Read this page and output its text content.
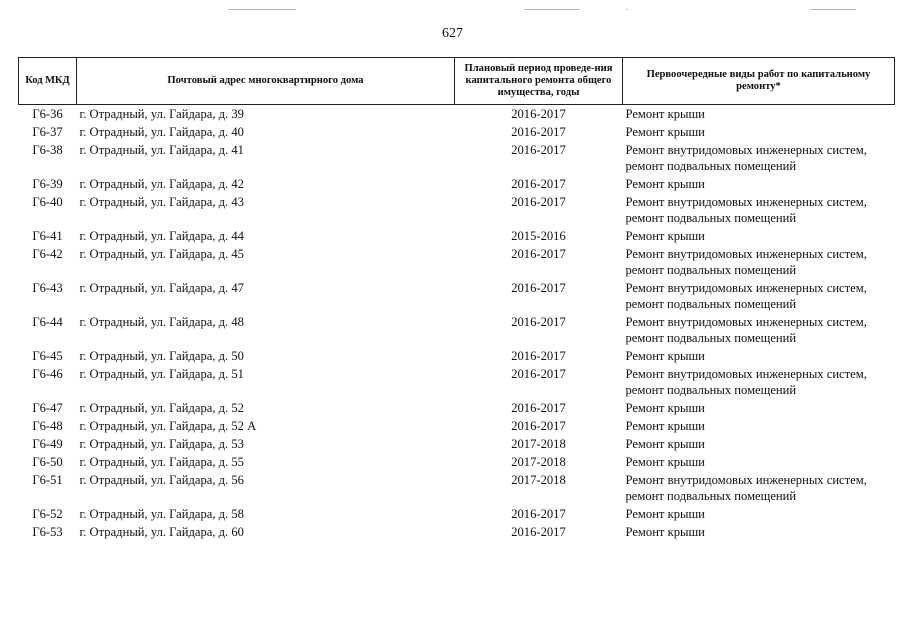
627
Код МКД	Почтовый адрес многоквартирного дома	Плановый период проведе-ния капитального ремонта общего имущества, годы	Первоочередные виды работ по капитальному ремонту*
Г6-36	г. Отрадный, ул. Гайдара, д. 39	2016-2017	Ремонт крыши

Г6-37	г. Отрадный, ул. Гайдара, д. 40	2016-2017	Ремонт крыши

Г6-38	г. Отрадный, ул. Гайдара, д. 41	2016-2017	Ремонт внутридомовых инженерных систем,
ремонт подвальных помещений

Г6-39	г. Отрадный, ул. Гайдара, д. 42	2016-2017	Ремонт крыши

Г6-40	г. Отрадный, ул. Гайдара, д. 43	2016-2017	Ремонт внутридомовых инженерных систем,
ремонт подвальных помещений

Г6-41	г. Отрадный, ул. Гайдара, д. 44	2015-2016	Ремонт крыши

Г6-42	г. Отрадный, ул. Гайдара, д. 45	2016-2017	Ремонт внутридомовых инженерных систем,
ремонт подвальных помещений

Г6-43	г. Отрадный, ул. Гайдара, д. 47	2016-2017	Ремонт внутридомовых инженерных систем,
ремонт подвальных помещений

Г6-44	г. Отрадный, ул. Гайдара, д. 48	2016-2017	Ремонт внутридомовых инженерных систем,
ремонт подвальных помещений

Г6-45	г. Отрадный, ул. Гайдара, д. 50	2016-2017	Ремонт крыши

Г6-46	г. Отрадный, ул. Гайдара, д. 51	2016-2017	Ремонт внутридомовых инженерных систем,
ремонт подвальных помещений

Г6-47	г. Отрадный, ул. Гайдара, д. 52	2016-2017	Ремонт крыши

Г6-48	г. Отрадный, ул. Гайдара, д. 52 А	2016-2017	Ремонт крыши

Г6-49	г. Отрадный, ул. Гайдара, д. 53	2017-2018	Ремонт крыши

Г6-50	г. Отрадный, ул. Гайдара, д. 55	2017-2018	Ремонт крыши

Г6-51	г. Отрадный, ул. Гайдара, д. 56	2017-2018	Ремонт внутридомовых инженерных систем,
ремонт подвальных помещений

Г6-52	г. Отрадный, ул. Гайдара, д. 58	2016-2017	Ремонт крыши

Г6-53	г. Отрадный, ул. Гайдара, д. 60	2016-2017	Ремонт крыши
